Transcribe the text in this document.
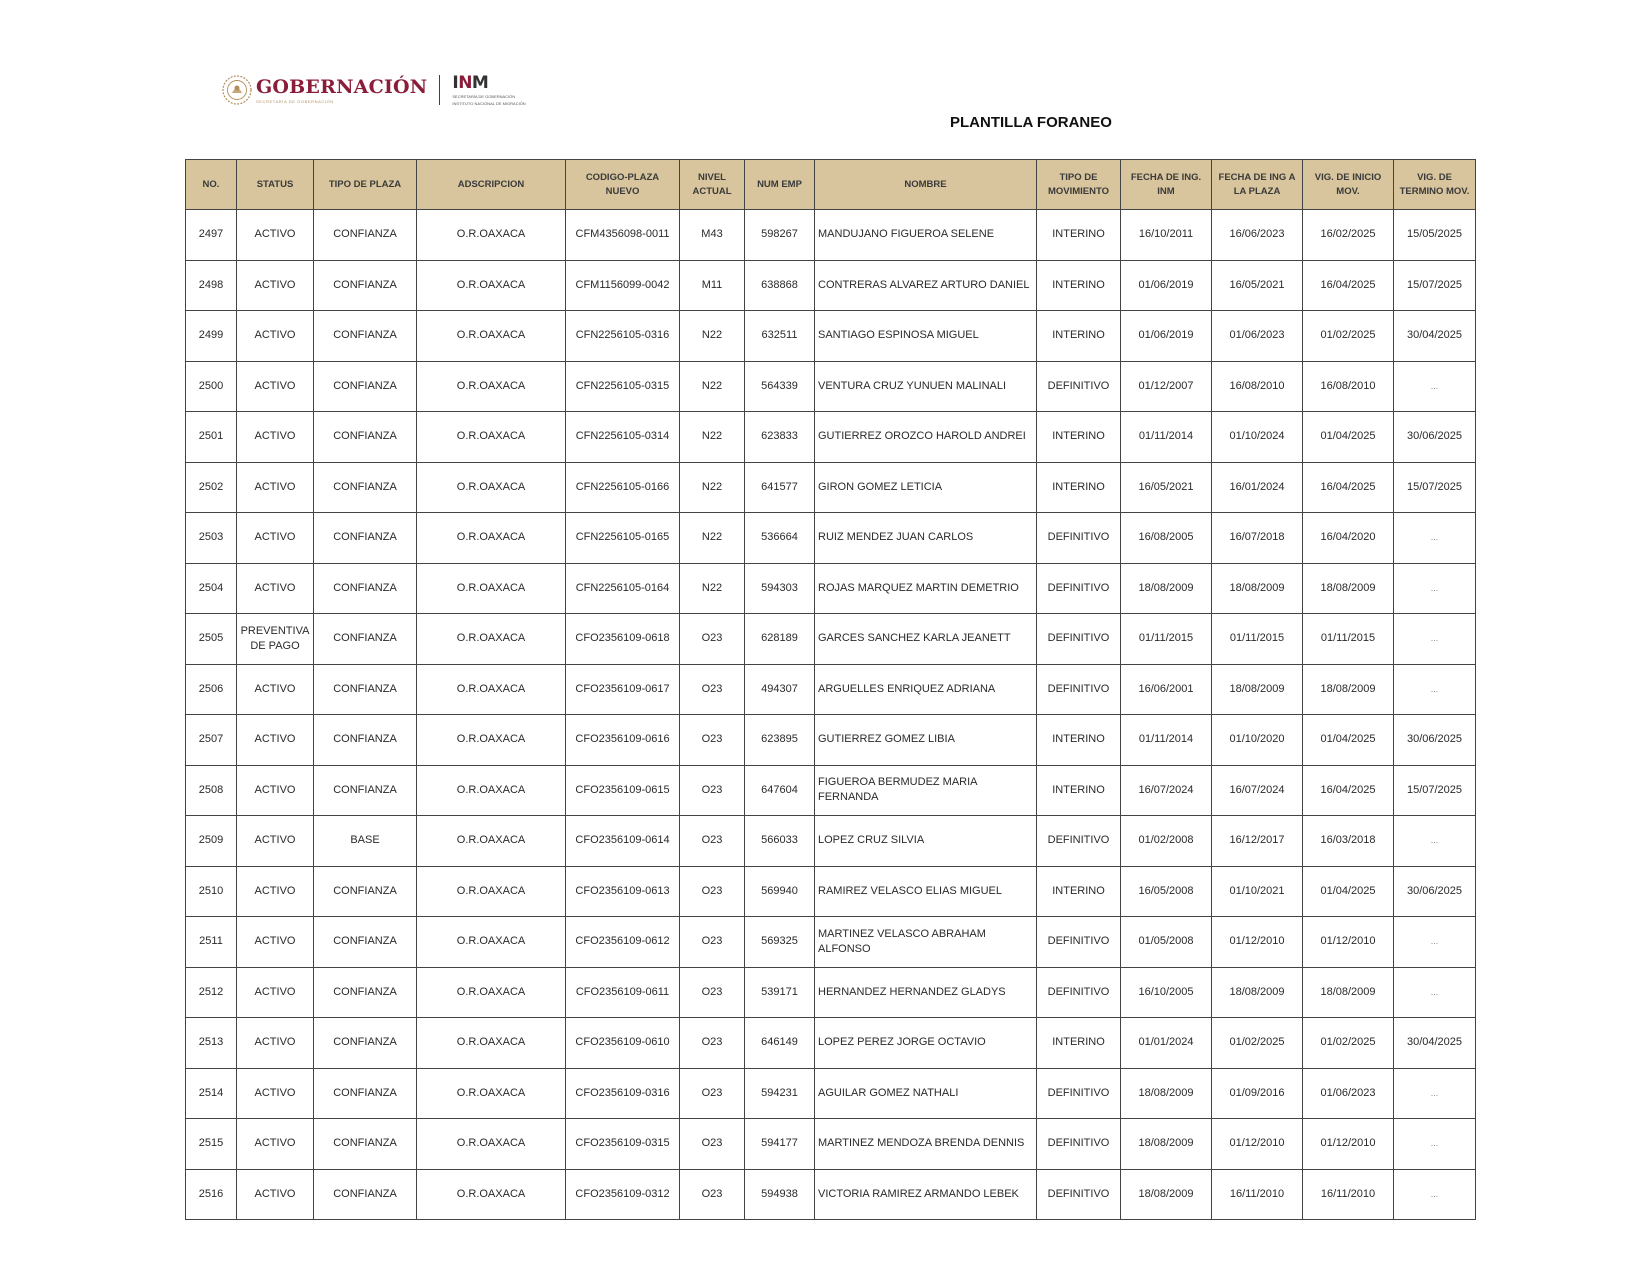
GOBERNACIÓN
SECRETARÍA DE GOBERNACIÓN
INM
SECRETARÍA DE GOBERNACIÓN
INSTITUTO NACIONAL DE MIGRACIÓN
PLANTILLA FORANEO
NO.	STATUS	TIPO DE PLAZA	ADSCRIPCION	CODIGO-PLAZA NUEVO	NIVEL ACTUAL	NUM EMP	NOMBRE	TIPO DE MOVIMIENTO	FECHA DE ING. INM	FECHA DE ING A LA PLAZA	VIG. DE INICIO MOV.	VIG. DE TERMINO MOV.
2497	ACTIVO	CONFIANZA	O.R.OAXACA	CFM4356098-0011	M43	598267	MANDUJANO FIGUEROA SELENE	INTERINO	16/10/2011	16/06/2023	16/02/2025	15/05/2025
2498	ACTIVO	CONFIANZA	O.R.OAXACA	CFM1156099-0042	M11	638868	CONTRERAS ALVAREZ ARTURO DANIEL	INTERINO	01/06/2019	16/05/2021	16/04/2025	15/07/2025
2499	ACTIVO	CONFIANZA	O.R.OAXACA	CFN2256105-0316	N22	632511	SANTIAGO ESPINOSA MIGUEL	INTERINO	01/06/2019	01/06/2023	01/02/2025	30/04/2025
2500	ACTIVO	CONFIANZA	O.R.OAXACA	CFN2256105-0315	N22	564339	VENTURA CRUZ YUNUEN MALINALI	DEFINITIVO	01/12/2007	16/08/2010	16/08/2010	...
2501	ACTIVO	CONFIANZA	O.R.OAXACA	CFN2256105-0314	N22	623833	GUTIERREZ OROZCO HAROLD ANDREI	INTERINO	01/11/2014	01/10/2024	01/04/2025	30/06/2025
2502	ACTIVO	CONFIANZA	O.R.OAXACA	CFN2256105-0166	N22	641577	GIRON GOMEZ LETICIA	INTERINO	16/05/2021	16/01/2024	16/04/2025	15/07/2025
2503	ACTIVO	CONFIANZA	O.R.OAXACA	CFN2256105-0165	N22	536664	RUIZ MENDEZ JUAN CARLOS	DEFINITIVO	16/08/2005	16/07/2018	16/04/2020	...
2504	ACTIVO	CONFIANZA	O.R.OAXACA	CFN2256105-0164	N22	594303	ROJAS MARQUEZ MARTIN DEMETRIO	DEFINITIVO	18/08/2009	18/08/2009	18/08/2009	...
2505	PREVENTIVA DE PAGO	CONFIANZA	O.R.OAXACA	CFO2356109-0618	O23	628189	GARCES SANCHEZ KARLA JEANETT	DEFINITIVO	01/11/2015	01/11/2015	01/11/2015	...
2506	ACTIVO	CONFIANZA	O.R.OAXACA	CFO2356109-0617	O23	494307	ARGUELLES ENRIQUEZ ADRIANA	DEFINITIVO	16/06/2001	18/08/2009	18/08/2009	...
2507	ACTIVO	CONFIANZA	O.R.OAXACA	CFO2356109-0616	O23	623895	GUTIERREZ GOMEZ LIBIA	INTERINO	01/11/2014	01/10/2020	01/04/2025	30/06/2025
2508	ACTIVO	CONFIANZA	O.R.OAXACA	CFO2356109-0615	O23	647604	FIGUEROA BERMUDEZ MARIA FERNANDA	INTERINO	16/07/2024	16/07/2024	16/04/2025	15/07/2025
2509	ACTIVO	BASE	O.R.OAXACA	CFO2356109-0614	O23	566033	LOPEZ CRUZ SILVIA	DEFINITIVO	01/02/2008	16/12/2017	16/03/2018	...
2510	ACTIVO	CONFIANZA	O.R.OAXACA	CFO2356109-0613	O23	569940	RAMIREZ VELASCO ELIAS MIGUEL	INTERINO	16/05/2008	01/10/2021	01/04/2025	30/06/2025
2511	ACTIVO	CONFIANZA	O.R.OAXACA	CFO2356109-0612	O23	569325	MARTINEZ VELASCO ABRAHAM ALFONSO	DEFINITIVO	01/05/2008	01/12/2010	01/12/2010	...
2512	ACTIVO	CONFIANZA	O.R.OAXACA	CFO2356109-0611	O23	539171	HERNANDEZ HERNANDEZ GLADYS	DEFINITIVO	16/10/2005	18/08/2009	18/08/2009	...
2513	ACTIVO	CONFIANZA	O.R.OAXACA	CFO2356109-0610	O23	646149	LOPEZ PEREZ JORGE OCTAVIO	INTERINO	01/01/2024	01/02/2025	01/02/2025	30/04/2025
2514	ACTIVO	CONFIANZA	O.R.OAXACA	CFO2356109-0316	O23	594231	AGUILAR GOMEZ NATHALI	DEFINITIVO	18/08/2009	01/09/2016	01/06/2023	...
2515	ACTIVO	CONFIANZA	O.R.OAXACA	CFO2356109-0315	O23	594177	MARTINEZ MENDOZA BRENDA DENNIS	DEFINITIVO	18/08/2009	01/12/2010	01/12/2010	...
2516	ACTIVO	CONFIANZA	O.R.OAXACA	CFO2356109-0312	O23	594938	VICTORIA RAMIREZ ARMANDO LEBEK	DEFINITIVO	18/08/2009	16/11/2010	16/11/2010	...
